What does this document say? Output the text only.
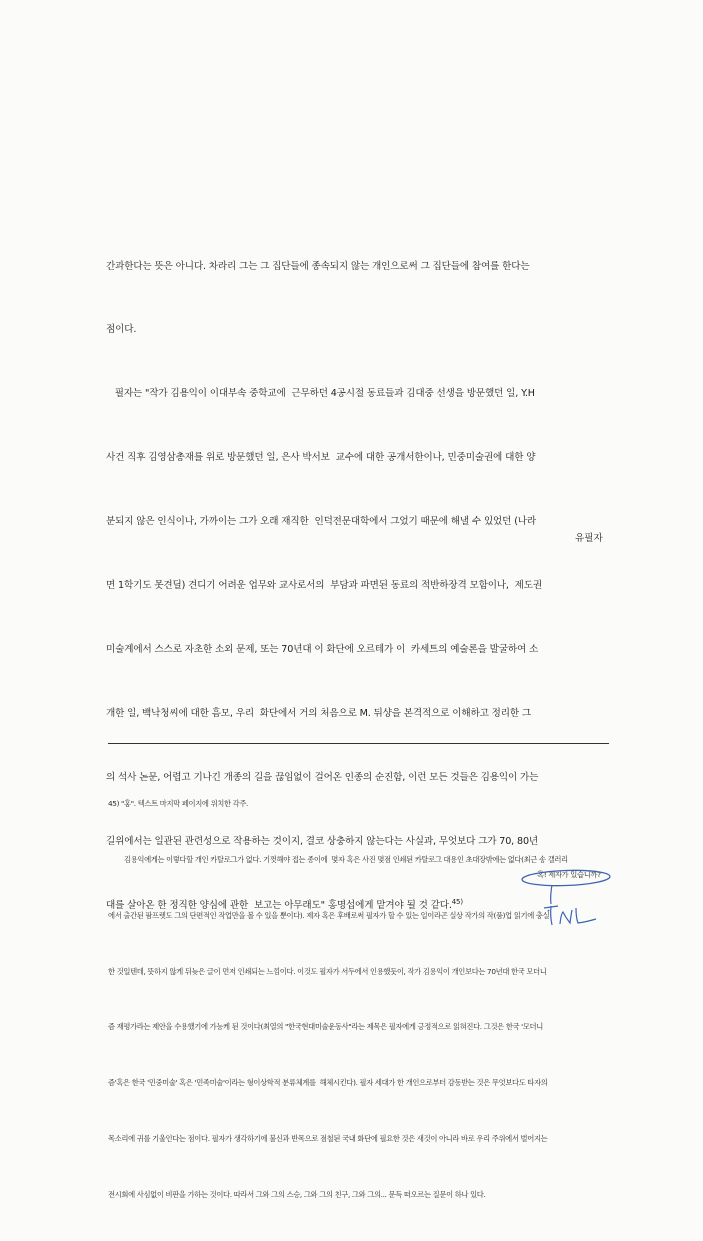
간과한다는 뜻은 아니다. 차라리 그는 그 집단들에 종속되지 않는 개인으로써 그 집단들에 참여를 한다는

점이다.

필자는 "작가 김용익이 이대부속 중학교에  근무하던 4공시절 동료들과 김대중 선생을 방문했던 일, Y.H

사건 직후 김영삼총재를 위로 방문했던 일, 은사 박서보  교수에 대한 공개서한이나, 민중미술권에 대한 양

분되지 않은 인식이나, 가까이는 그가 오래 재직한  인덕전문대학에서 그었기 때문에 해낼 수 있었던 (나라

면 1학기도 못견딜) 견디기 어려운 업무와 교사로서의  부담과 파면된 동료의 적반하장격 모함이나,  제도권

미술계에서 스스로 자초한 소외 문제, 또는 70년대 이 화단에 오르테가 이  카세트의 예술론을 발굴하여 소

개한 일, 백낙청씨에 대한 흠모, 우리  화단에서 거의 처음으로 M. 뒤샹을 본격적으로 이해하고 정리한 그

의 석사 논문, 어렵고 기나긴 개종의 길을 끊임없이 걸어온 인종의 순진함, 이런 모든 것들은 김용익이 가는

길위에서는 일관된 관련성으로 작용하는 것이지, 결코 상충하지 않는다는 사실과, 무엇보다 그가 70, 80년

대를 살아온 한 정직한 양심에 관한  보고는 아무래도" 홍명섭에게 맡겨야 될 것 같다.$^{45)}$

유필자

45) "홍". 텍스트 마지막 페이지에 위치한 각주.

김용익에게는 이렇다할 개인 카탈로그가 없다. 기껏해야 접는 종이에  몇자 혹은 사진 몇점 인쇄된 카탈로그 대용인 초대장밖에는 없다(최근 송 갤러리

에서 출간된 팜프렛도 그의 단편적인 작업만을 볼 수 있을 뿐이다). 제자 혹은 후배로써 필자가 할 수 있는 일이라곤 실상 작가의 작(품)업 읽기에 충실

한 것일텐데, 뜻하지 않게 뒤늦은 글이 먼저 인쇄되는 느낌이다. 이것도 필자가 서두에서 인용했듯이, 작가 김용익이 개인보다는 70년대 한국 모더니

즘 재평가라는 제안을 수용했기에 가능케 된 것이다(최열의 "한국현대미술운동사"라는 제목은 필자에게 긍정적으로 읽혀진다. 그것은 한국 '모더니

즘'혹은 한국 '민중미술' 혹은 '민족미술'이라는 형이상학적 분류체계를  해체시킨다). 필자 세대가 한 개인으로부터 감동받는 것은 무엇보다도 타자의

목소리에 귀를 기울인다는 점이다. 필자가 생각하기에 불신과 반목으로 점철된 국내 화단에 필요한 것은 새것이 아니라 바로 우리 주위에서 벌어지는

전시회에 사심없이 비판을 가하는 것이다. 따라서 그와 그의 스승, 그와 그의 친구, 그와 그의... 문득 떠오르는 질문이 하나 있다.

혹! 제자가 있습니까?
